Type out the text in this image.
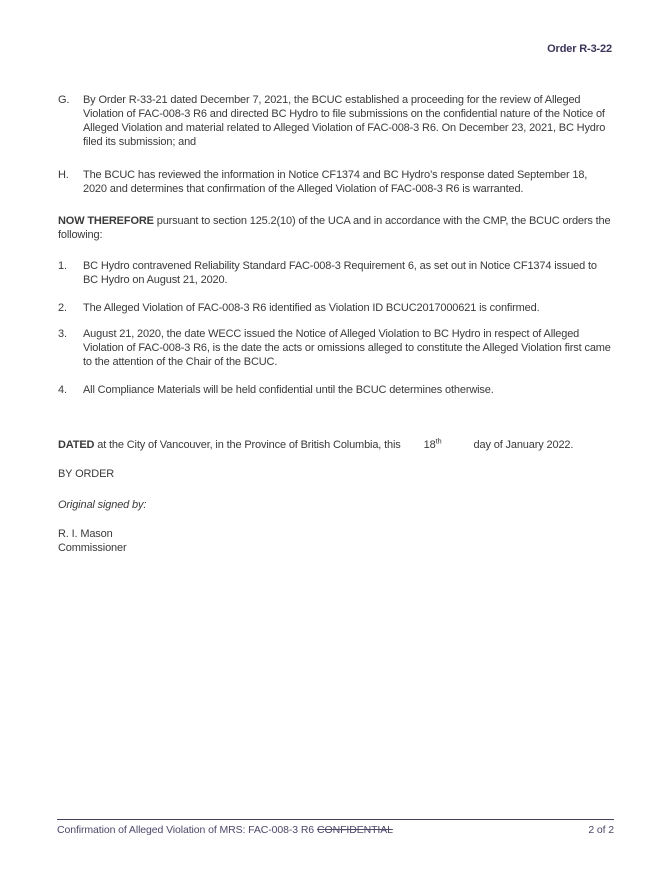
Order R-3-22
G.	By Order R-33-21 dated December 7, 2021, the BCUC established a proceeding for the review of Alleged Violation of FAC-008-3 R6 and directed BC Hydro to file submissions on the confidential nature of the Notice of Alleged Violation and material related to Alleged Violation of FAC-008-3 R6. On December 23, 2021, BC Hydro filed its submission; and
H.	The BCUC has reviewed the information in Notice CF1374 and BC Hydro’s response dated September 18, 2020 and determines that confirmation of the Alleged Violation of FAC-008-3 R6 is warranted.
NOW THEREFORE pursuant to section 125.2(10) of the UCA and in accordance with the CMP, the BCUC orders the following:
1.	BC Hydro contravened Reliability Standard FAC-008-3 Requirement 6, as set out in Notice CF1374 issued to BC Hydro on August 21, 2020.
2.	The Alleged Violation of FAC-008-3 R6 identified as Violation ID BCUC2017000621 is confirmed.
3.	August 21, 2020, the date WECC issued the Notice of Alleged Violation to BC Hydro in respect of Alleged Violation of FAC-008-3 R6, is the date the acts or omissions alleged to constitute the Alleged Violation first came to the attention of the Chair of the BCUC.
4.	All Compliance Materials will be held confidential until the BCUC determines otherwise.
DATED at the City of Vancouver, in the Province of British Columbia, this 18th	day of January 2022.
BY ORDER
Original signed by:
R. I. Mason
Commissioner
Confirmation of Alleged Violation of MRS: FAC-008-3 R6 CONFIDENTIAL	2 of 2
